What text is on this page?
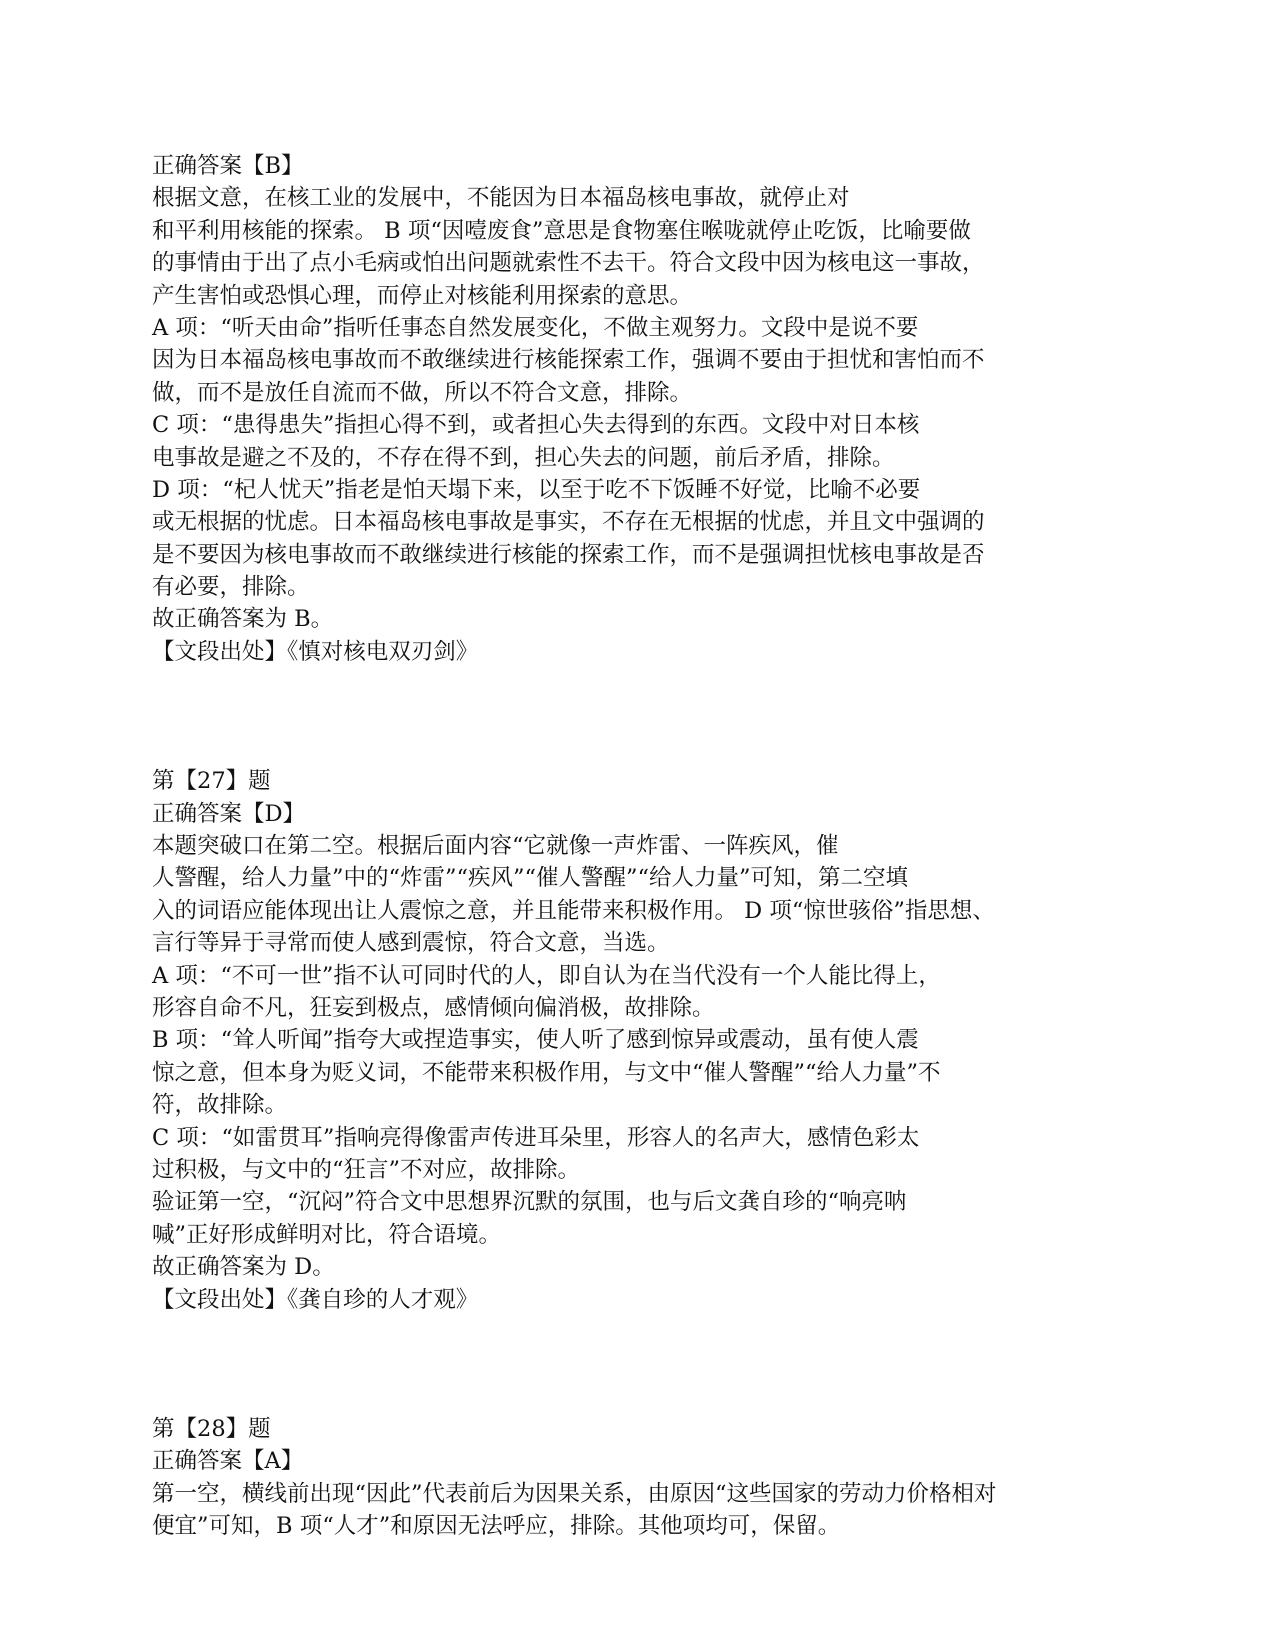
正确答案【B】
根据文意，在核工业的发展中，不能因为日本福岛核电事故，就停止对
和平利用核能的探索。 B 项“因噎废食”意思是食物塞住喉咙就停止吃饭，比喻要做
的事情由于出了点小毛病或怕出问题就索性不去干。符合文段中因为核电这一事故，
产生害怕或恐惧心理，而停止对核能利用探索的意思。
A 项：“听天由命”指听任事态自然发展变化，不做主观努力。文段中是说不要
因为日本福岛核电事故而不敢继续进行核能探索工作，强调不要由于担忧和害怕而不
做，而不是放任自流而不做，所以不符合文意，排除。
C 项：“患得患失”指担心得不到，或者担心失去得到的东西。文段中对日本核
电事故是避之不及的，不存在得不到，担心失去的问题，前后矛盾，排除。
D 项：“杞人忧天”指老是怕天塌下来，以至于吃不下饭睡不好觉，比喻不必要
或无根据的忧虑。日本福岛核电事故是事实，不存在无根据的忧虑，并且文中强调的
是不要因为核电事故而不敢继续进行核能的探索工作，而不是强调担忧核电事故是否
有必要，排除。
故正确答案为 B。
【文段出处】《慎对核电双刃剑》
第【27】题
正确答案【D】
本题突破口在第二空。根据后面内容“它就像一声炸雷、一阵疾风，催
人警醒，给人力量”中的“炸雷”“疾风”“催人警醒”“给人力量”可知，第二空填
入的词语应能体现出让人震惊之意，并且能带来积极作用。 D 项“惊世骇俗”指思想、
言行等异于寻常而使人感到震惊，符合文意，当选。
A 项：“不可一世”指不认可同时代的人，即自认为在当代没有一个人能比得上，
形容自命不凡，狂妄到极点，感情倾向偏消极，故排除。
B 项：“耸人听闻”指夸大或捏造事实，使人听了感到惊异或震动，虽有使人震
惊之意，但本身为贬义词，不能带来积极作用，与文中“催人警醒”“给人力量”不
符，故排除。
C 项：“如雷贯耳”指响亮得像雷声传进耳朵里，形容人的名声大，感情色彩太
过积极，与文中的“狂言”不对应，故排除。
验证第一空，“沉闷”符合文中思想界沉默的氛围，也与后文龚自珍的“响亮呐
喊”正好形成鲜明对比，符合语境。
故正确答案为 D。
【文段出处】《龚自珍的人才观》
第【28】题
正确答案【A】
第一空，横线前出现“因此”代表前后为因果关系，由原因“这些国家的劳动力价格相对
便宜”可知，B 项“人才”和原因无法呼应，排除。其他项均可，保留。
